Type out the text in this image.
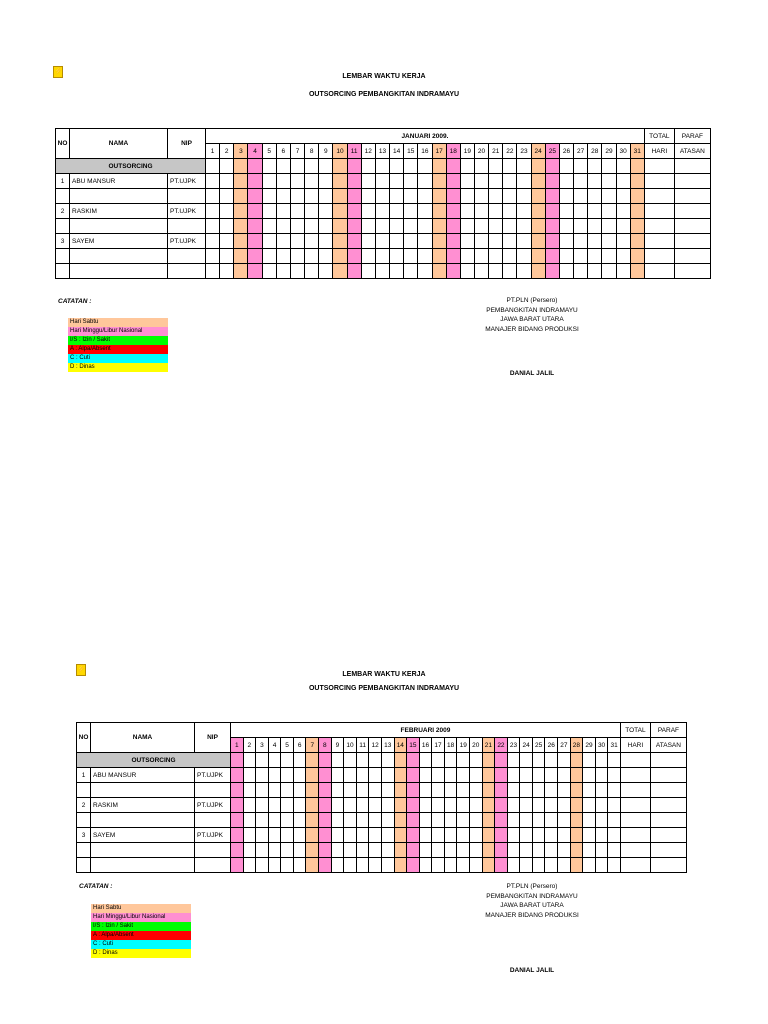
⚡
LEMBAR WAKTU KERJA
OUTSORCING PEMBANGKITAN INDRAMAYU
NO	NAMA	NIP	JANUARI 2009.																															TOTAL	PARAF
			1	2	3	4	5	6	7	8	9	10	11	12	13	14	15	16	17	18	19	20	21	22	23	24	25	26	27	28	29	30	31	HARI	ATASAN
OUTSORCING																																			
1	ABU MANSUR	PT.UJPK																																	

2	RASKIM	PT.UJPK																																	

3	SAYEM	PT.UJPK																																	

CATATAN :
Hari Sabtu
Hari Minggu/Libur Nasional
I/S : Izin / Sakit
A : Alpa/Absent
C : Cuti
D : Dinas
PT.PLN (Persero)
PEMBANGKITAN INDRAMAYU
JAWA BARAT UTARA
MANAJER BIDANG PRODUKSI
DANIAL JALIL
⚡
LEMBAR WAKTU KERJA
OUTSORCING PEMBANGKITAN INDRAMAYU
NO	NAMA	NIP	FEBRUARI 2009																															TOTAL	PARAF
			1	2	3	4	5	6	7	8	9	10	11	12	13	14	15	16	17	18	19	20	21	22	23	24	25	26	27	28	29	30	31	HARI	ATASAN
OUTSORCING																																			
1	ABU MANSUR	PT.UJPK																																	

2	RASKIM	PT.UJPK																																	

3	SAYEM	PT.UJPK																																	

CATATAN :
Hari Sabtu
Hari Minggu/Libur Nasional
I/S : Izin / Sakit
A : Alpa/Absent
C : Cuti
D : Dinas
PT.PLN (Persero)
PEMBANGKITAN INDRAMAYU
JAWA BARAT UTARA
MANAJER BIDANG PRODUKSI
DANIAL JALIL
